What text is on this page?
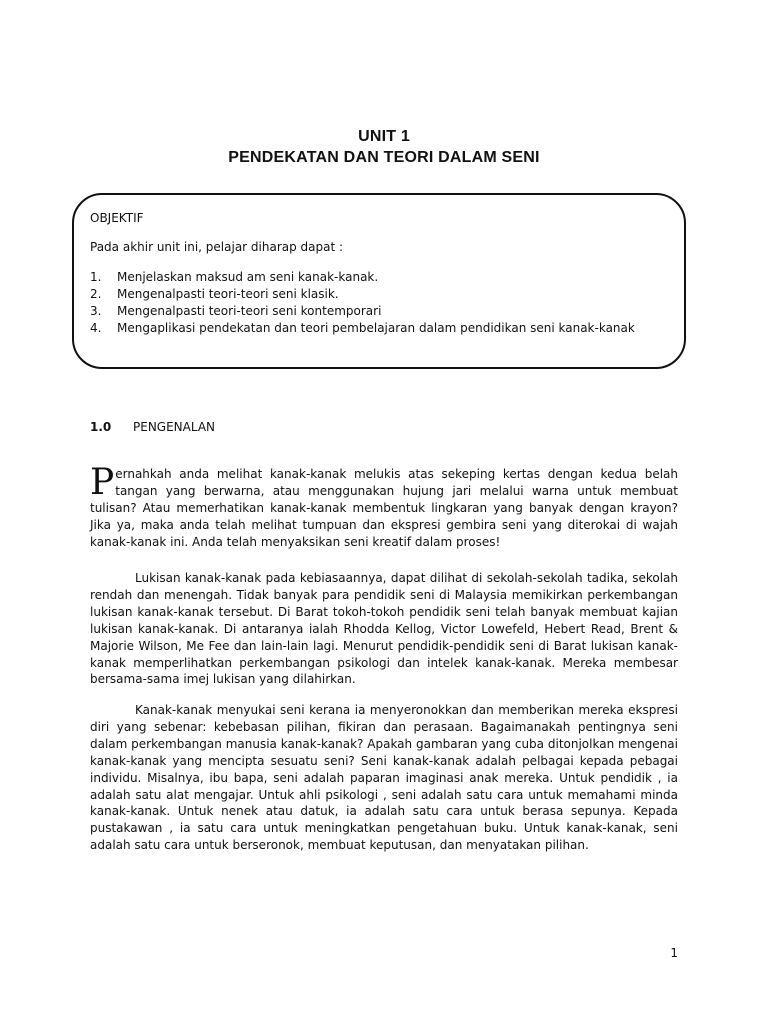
UNIT 1
PENDEKATAN DAN TEORI DALAM SENI
OBJEKTIF
Pada akhir unit ini, pelajar diharap dapat :
1. Menjelaskan maksud am seni kanak-kanak.
2. Mengenalpasti teori-teori seni klasik.
3. Mengenalpasti teori-teori seni kontemporari
4. Mengaplikasi pendekatan dan teori pembelajaran dalam pendidikan seni kanak-kanak
1.0 PENGENALAN

Pernahkah anda melihat kanak-kanak melukis atas sekeping kertas dengan kedua belah tangan yang berwarna, atau menggunakan hujung jari melalui warna untuk membuat tulisan? Atau memerhatikan kanak-kanak membentuk lingkaran yang banyak dengan krayon? Jika ya, maka anda telah melihat tumpuan dan ekspresi gembira seni yang diterokai di wajah kanak-kanak ini. Anda telah menyaksikan seni kreatif dalam proses!

Lukisan kanak-kanak pada kebiasaannya, dapat dilihat di sekolah-sekolah tadika, sekolah rendah dan menengah. Tidak banyak para pendidik seni di Malaysia memikirkan perkembangan lukisan kanak-kanak tersebut. Di Barat tokoh-tokoh pendidik seni telah banyak membuat kajian lukisan kanak-kanak. Di antaranya ialah Rhodda Kellog, Victor Lowefeld, Hebert Read, Brent & Majorie Wilson, Me Fee dan lain-lain lagi. Menurut pendidik-pendidik seni di Barat lukisan kanak-kanak memperlihatkan perkembangan psikologi dan intelek kanak-kanak. Mereka membesar bersama-sama imej lukisan yang dilahirkan.

Kanak-kanak menyukai seni kerana ia menyeronokkan dan memberikan mereka ekspresi diri yang sebenar: kebebasan pilihan, fikiran dan perasaan. Bagaimanakah pentingnya seni dalam perkembangan manusia kanak-kanak? Apakah gambaran yang cuba ditonjolkan mengenai kanak-kanak yang mencipta sesuatu seni? Seni kanak-kanak adalah pelbagai kepada pebagai individu. Misalnya, ibu bapa, seni adalah paparan imaginasi anak mereka. Untuk pendidik , ia adalah satu alat mengajar. Untuk ahli psikologi , seni adalah satu cara untuk memahami minda kanak-kanak. Untuk nenek atau datuk, ia adalah satu cara untuk berasa sepunya. Kepada pustakawan , ia satu cara untuk meningkatkan pengetahuan buku. Untuk kanak-kanak, seni adalah satu cara untuk berseronok, membuat keputusan, dan menyatakan pilihan.

1
